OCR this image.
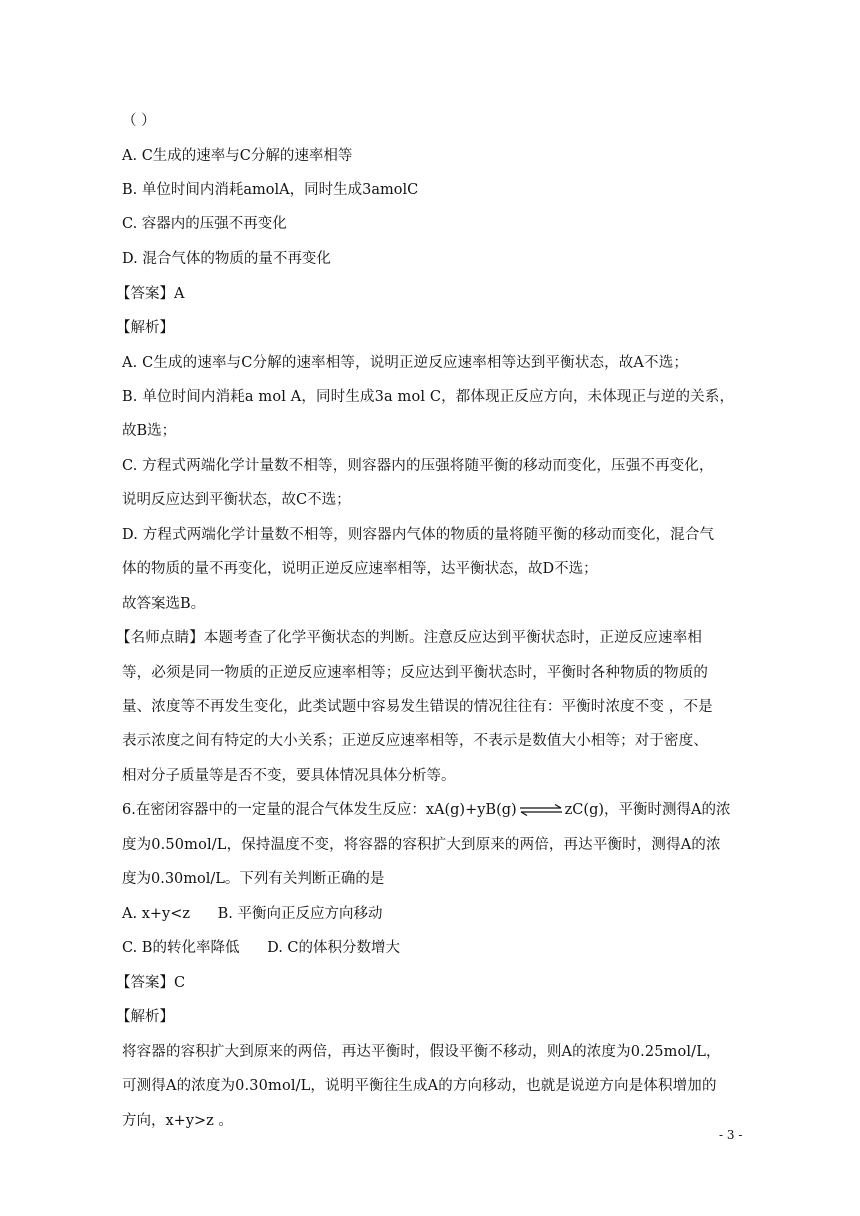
（ ）
A. C生成的速率与C分解的速率相等
B. 单位时间内消耗amolA，同时生成3amolC
C. 容器内的压强不再变化
D. 混合气体的物质的量不再变化
【答案】A
【解析】
A. C生成的速率与C分解的速率相等，说明正逆反应速率相等达到平衡状态，故A不选；
B. 单位时间内消耗a mol A，同时生成3a mol C，都体现正反应方向，未体现正与逆的关系，
故B选；
C. 方程式两端化学计量数不相等，则容器内的压强将随平衡的移动而变化，压强不再变化，
说明反应达到平衡状态，故C不选；
D. 方程式两端化学计量数不相等，则容器内气体的物质的量将随平衡的移动而变化，混合气
体的物质的量不再变化，说明正逆反应速率相等，达平衡状态，故D不选；
故答案选B。
【名师点睛】本题考查了化学平衡状态的判断。注意反应达到平衡状态时，正逆反应速率相
等，必须是同一物质的正逆反应速率相等；反应达到平衡状态时，平衡时各种物质的物质的
量、浓度等不再发生变化，此类试题中容易发生错误的情况往往有：平衡时浓度不变 ，不是
表示浓度之间有特定的大小关系；正逆反应速率相等，不表示是数值大小相等；对于密度、
相对分子质量等是否不变，要具体情况具体分析等。
6.在密闭容器中的一定量的混合气体发生反应：xA(g)+yB(g) ⇌ zC(g)，平衡时测得A的浓
度为0.50mol/L，保持温度不变，将容器的容积扩大到原来的两倍，再达平衡时，测得A的浓
度为0.30mol/L。下列有关判断正确的是
A. x+y<z      B. 平衡向正反应方向移动
C. B的转化率降低      D. C的体积分数增大
【答案】C
【解析】
将容器的容积扩大到原来的两倍，再达平衡时，假设平衡不移动，则A的浓度为0.25mol/L，
可测得A的浓度为0.30mol/L，说明平衡往生成A的方向移动，也就是说逆方向是体积增加的
方向，x+y>z 。
- 3 -
